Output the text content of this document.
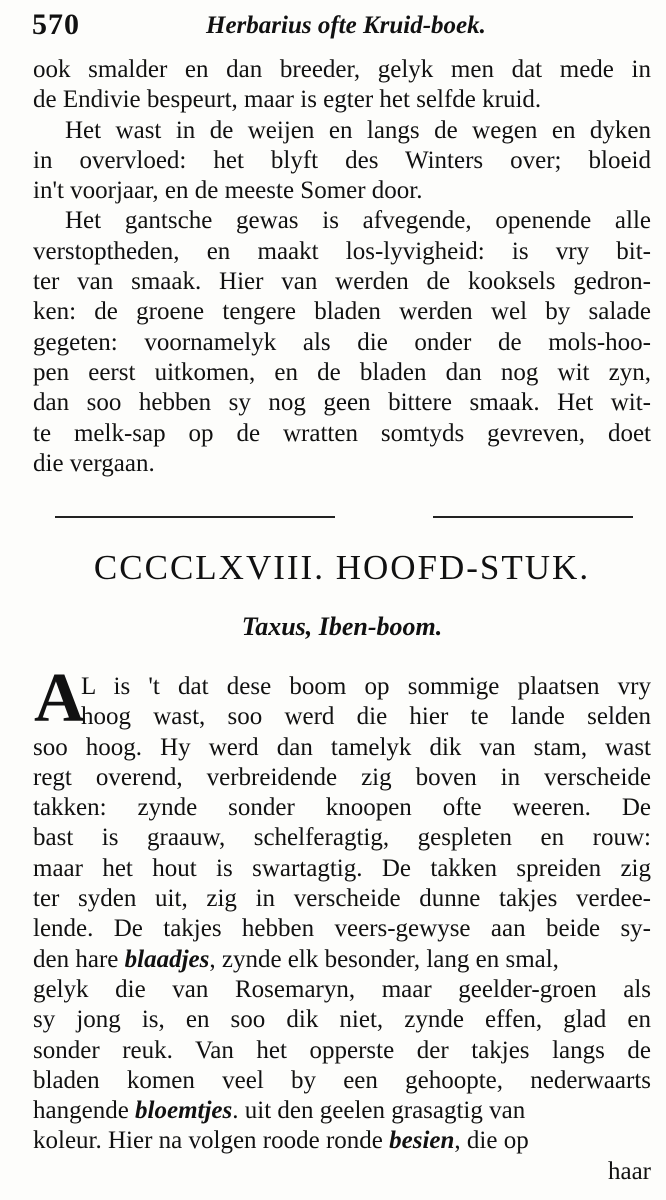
570	Herbarius ofte Kruid-boek.
ook smalder en dan breeder, gelyk men dat mede in
de Endivie bespeurt, maar is egter het selfde kruid.
Het wast in de weijen en langs de wegen en dyken
in overvloed: het blyft des Winters over; bloeid
in't voorjaar, en de meeste Somer door.
Het gantsche gewas is afvegende, openende alle
verstoptheden, en maakt los-lyvigheid: is vry bit-
ter van smaak. Hier van werden de kooksels gedron-
ken: de groene tengere bladen werden wel by salade
gegeten: voornamelyk als die onder de mols-hoo-
pen eerst uitkomen, en de bladen dan nog wit zyn,
dan soo hebben sy nog geen bittere smaak. Het wit-
te melk-sap op de wratten somtyds gevreven, doet
die vergaan.
CCCCLXVIII. HOOFD-STUK.
Taxus, Iben-boom.
A
L is 't dat dese boom op sommige plaatsen vry
hoog wast, soo werd die hier te lande selden
soo hoog. Hy werd dan tamelyk dik van stam, wast
regt overend, verbreidende zig boven in verscheide
takken: zynde sonder knoopen ofte weeren. De
bast is graauw, schelferagtig, gespleten en rouw:
maar het hout is swartagtig. De takken spreiden zig
ter syden uit, zig in verscheide dunne takjes verdee-
lende. De takjes hebben veers-gewyse aan beide sy-
den hare blaadjes, zynde elk besonder, lang en smal,
gelyk die van Rosemaryn, maar geelder-groen als
sy jong is, en soo dik niet, zynde effen, glad en
sonder reuk. Van het opperste der takjes langs de
bladen komen veel by een gehoopte, nederwaarts
hangende bloemtjes. uit den geelen grasagtig van
koleur. Hier na volgen roode ronde besien, die op
haar
